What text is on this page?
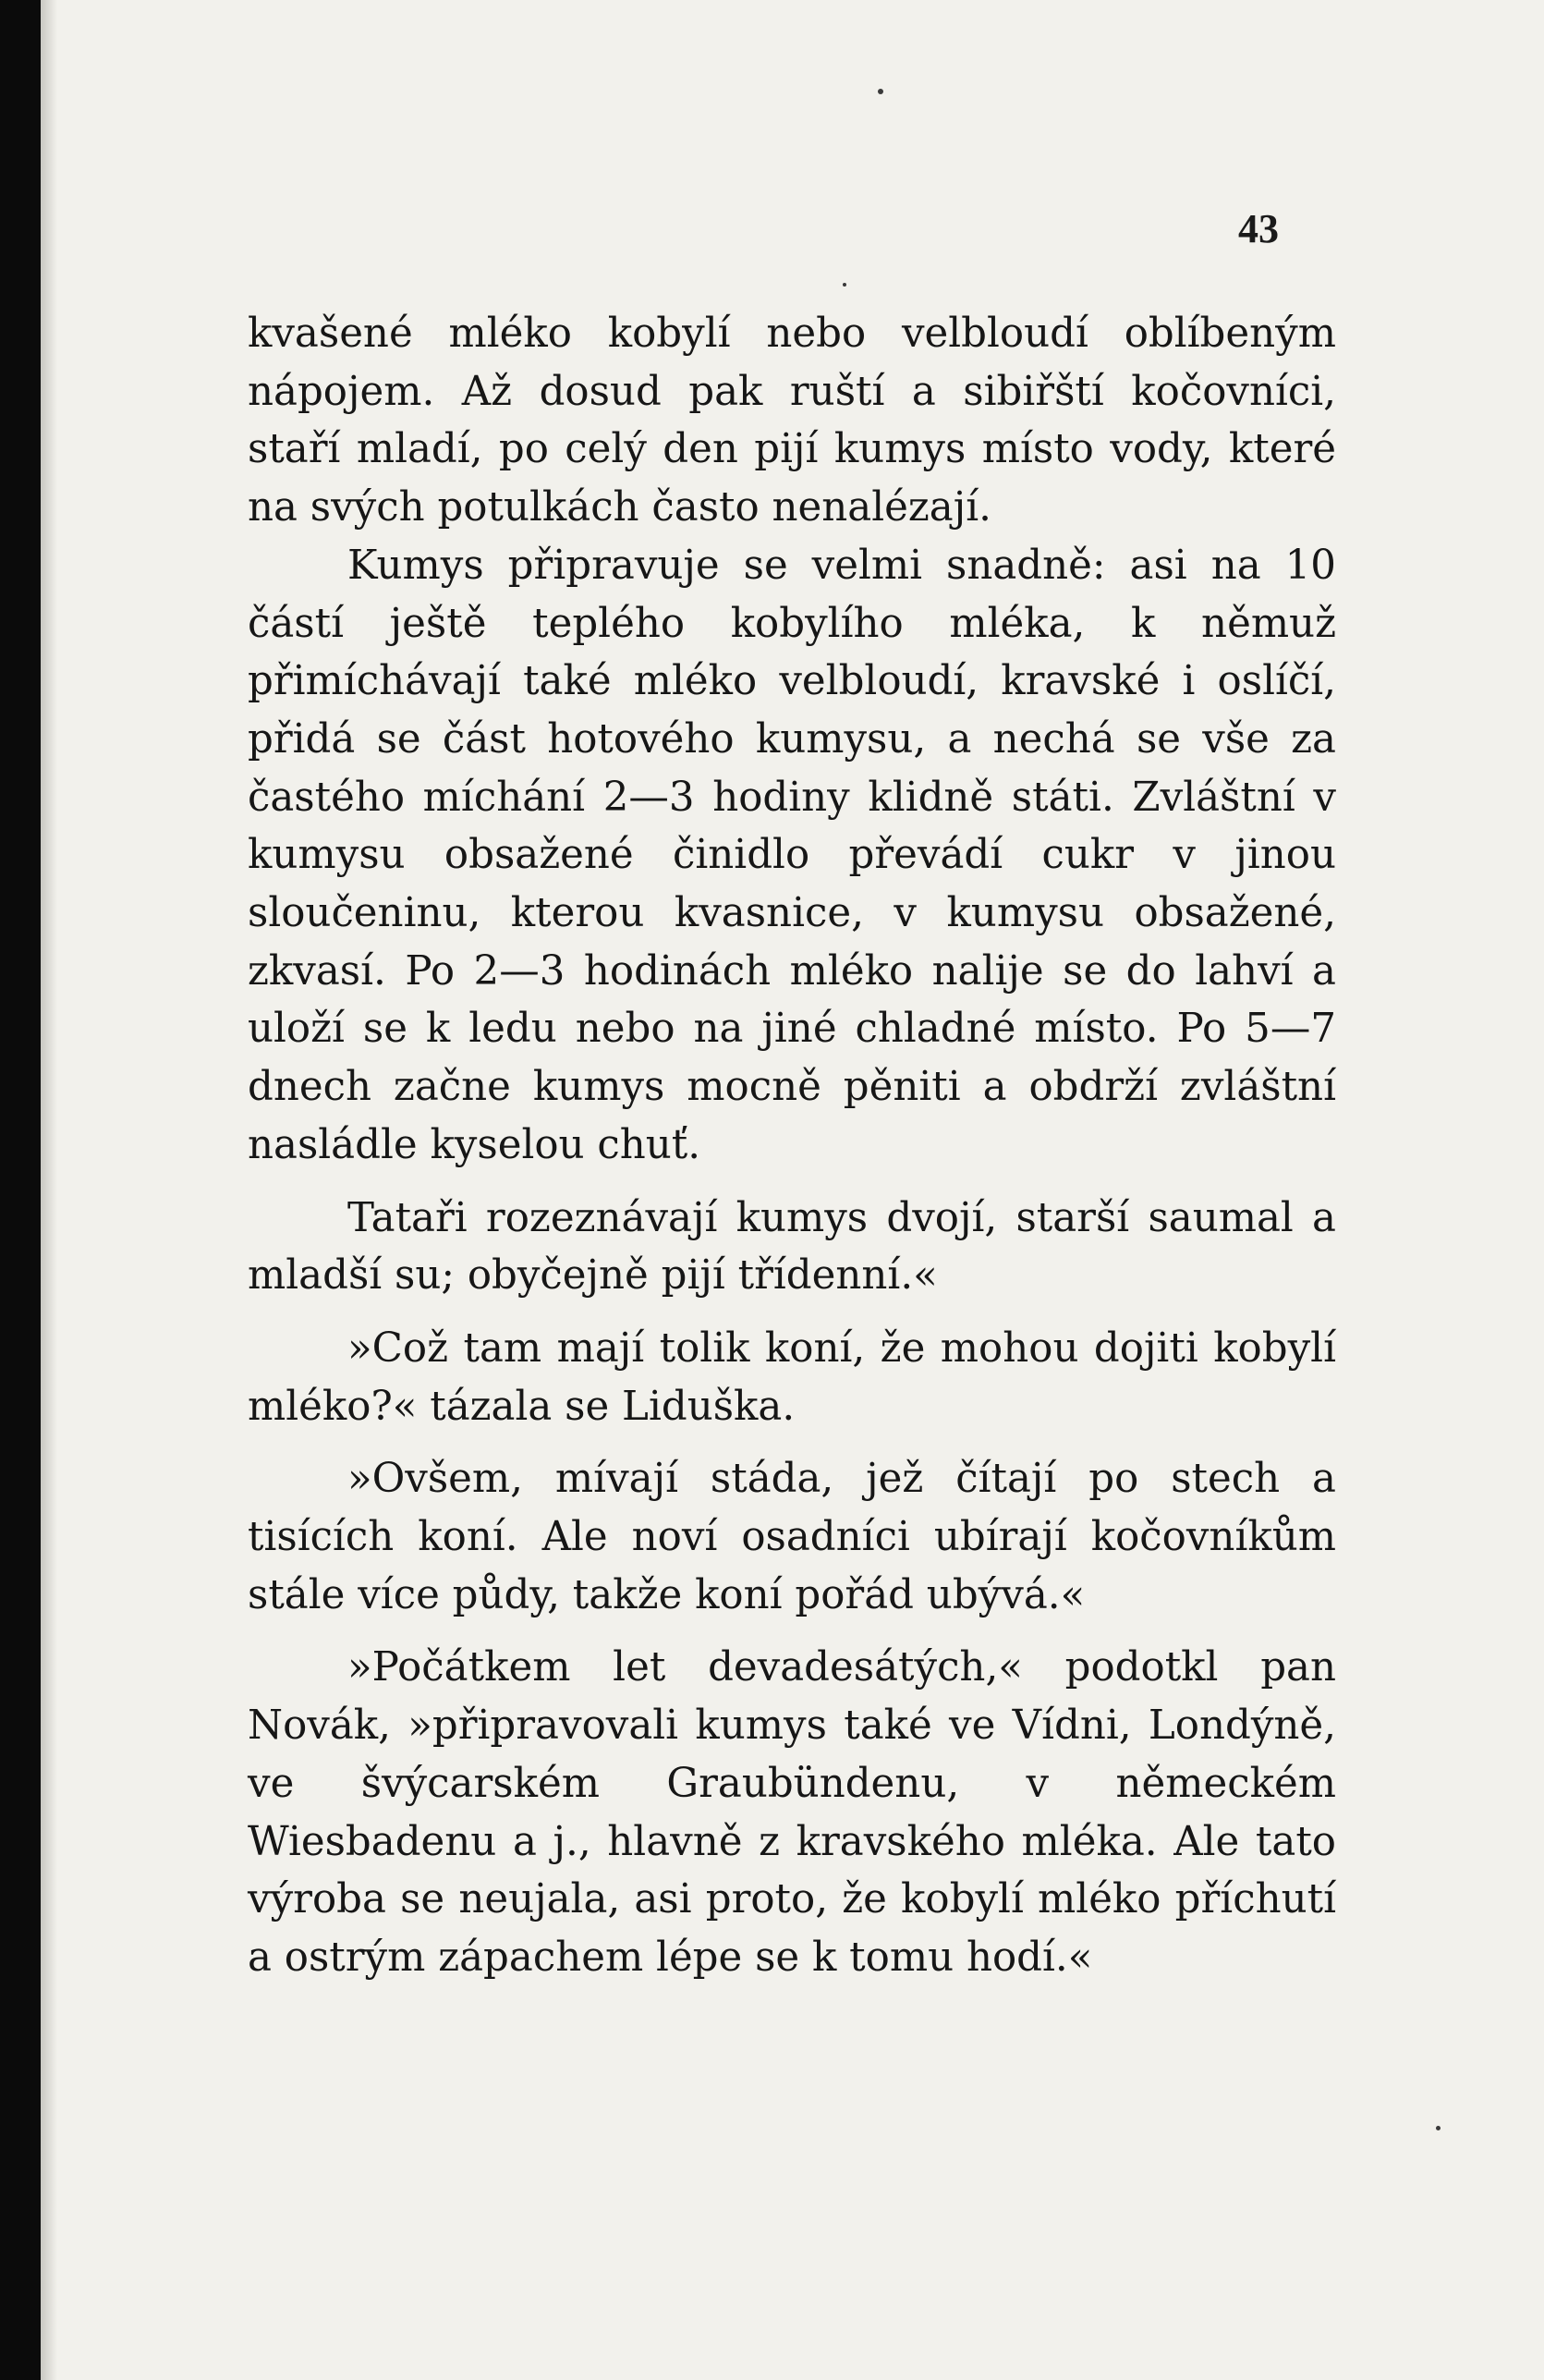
43

kvašené mléko kobylí nebo velbloudí oblíbeným nápojem. Až dosud pak ruští a sibiřští kočovníci, staří mladí, po celý den pijí kumys místo vody, které na svých potulkách často nenalézají.

Kumys připravuje se velmi snadně: asi na 10 částí ještě teplého kobylího mléka, k němuž přimíchávají také mléko velbloudí, kravské i oslíčí, přidá se část hotového kumysu, a nechá se vše za častého míchání 2—3 hodiny klidně státi. Zvláštní v kumysu obsažené činidlo převádí cukr v jinou sloučeninu, kterou kvasnice, v kumysu obsažené, zkvasí. Po 2—3 hodinách mléko nalije se do lahví a uloží se k ledu nebo na jiné chladné místo. Po 5—7 dnech začne kumys mocně pěniti a obdrží zvláštní nasládle kyselou chuť.

Tataři rozeznávají kumys dvojí, starší saumal a mladší su; obyčejně pijí třídenní.«

»Což tam mají tolik koní, že mohou dojiti kobylí mléko?« tázala se Liduška.

»Ovšem, mívají stáda, jež čítají po stech a tisících koní. Ale noví osadníci ubírají kočovníkům stále více půdy, takže koní pořád ubývá.«

»Počátkem let devadesátých,« podotkl pan Novák, »připravovali kumys také ve Vídni, Londýně, ve švýcarském Graubündenu, v německém Wiesbadenu a j., hlavně z kravského mléka. Ale tato výroba se neujala, asi proto, že kobylí mléko příchutí a ostrým zápachem lépe se k tomu hodí.«
